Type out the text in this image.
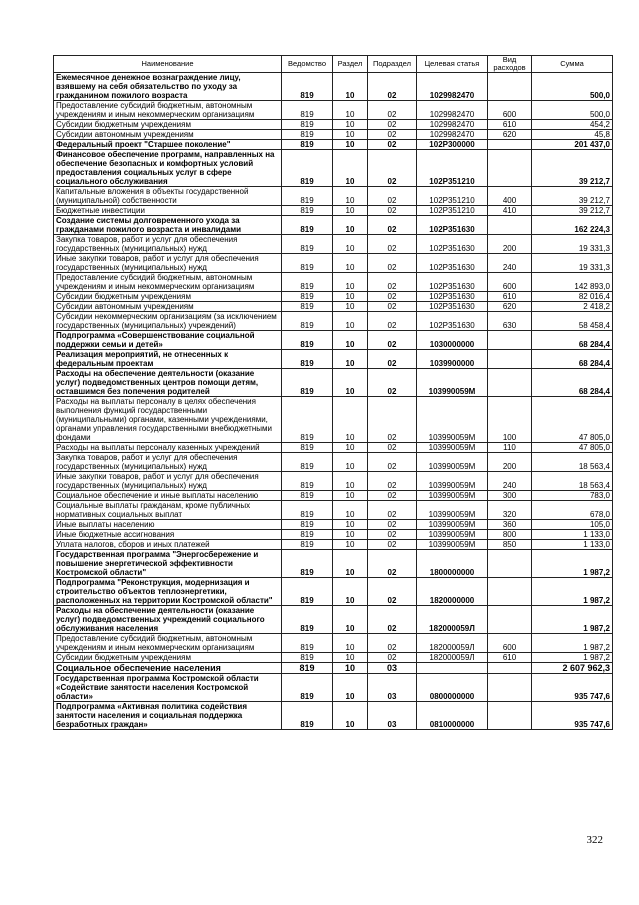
Наименование	Ведомство	Раздел	Подраздел	Целевая статья	Вид расходов	Сумма
Ежемесячное денежное вознаграждение лицу, взявшему на себя обязательство по уходу за гражданином пожилого возраста	819	10	02	1029982470		500,0
Предоставление субсидий бюджетным, автономным учреждениям и иным некоммерческим организациям	819	10	02	1029982470	600	500,0
Субсидии бюджетным учреждениям	819	10	02	1029982470	610	454,2
Субсидии автономным учреждениям	819	10	02	1029982470	620	45,8
Федеральный проект "Старшее поколение"	819	10	02	102P300000		201 437,0
Финансовое обеспечение программ, направленных на обеспечение безопасных и комфортных условий предоставления социальных услуг в сфере социального обслуживания	819	10	02	102P351210		39 212,7
Капитальные вложения в объекты государственной (муниципальной) собственности	819	10	02	102P351210	400	39 212,7
Бюджетные инвестиции	819	10	02	102P351210	410	39 212,7
Создание системы долговременного ухода за гражданами пожилого возраста и инвалидами	819	10	02	102P351630		162 224,3
Закупка товаров, работ и услуг для обеспечения государственных (муниципальных) нужд	819	10	02	102P351630	200	19 331,3
Иные закупки товаров, работ и услуг для обеспечения государственных (муниципальных) нужд	819	10	02	102P351630	240	19 331,3
Предоставление субсидий бюджетным, автономным учреждениям и иным некоммерческим организациям	819	10	02	102P351630	600	142 893,0
Субсидии бюджетным учреждениям	819	10	02	102P351630	610	82 016,4
Субсидии автономным учреждениям	819	10	02	102P351630	620	2 418,2
Субсидии некоммерческим организациям (за исключением государственных (муниципальных) учреждений)	819	10	02	102P351630	630	58 458,4
Подпрограмма «Совершенствование социальной поддержки семьи и детей»	819	10	02	1030000000		68 284,4
Реализация мероприятий, не отнесенных к федеральным проектам	819	10	02	1039900000		68 284,4
Расходы на обеспечение деятельности (оказание услуг) подведомственных центров помощи детям, оставшимся без попечения родителей	819	10	02	103990059М		68 284,4
Расходы на выплаты персоналу в целях обеспечения выполнения функций государственными (муниципальными) органами, казенными учреждениями, органами управления государственными внебюджетными фондами	819	10	02	103990059М	100	47 805,0
Расходы на выплаты персоналу казенных учреждений	819	10	02	103990059М	110	47 805,0
Закупка товаров, работ и услуг для обеспечения государственных (муниципальных) нужд	819	10	02	103990059М	200	18 563,4
Иные закупки товаров, работ и услуг для обеспечения государственных (муниципальных) нужд	819	10	02	103990059М	240	18 563,4
Социальное обеспечение и иные выплаты населению	819	10	02	103990059М	300	783,0
Социальные выплаты гражданам, кроме публичных нормативных социальных выплат	819	10	02	103990059М	320	678,0
Иные выплаты населению	819	10	02	103990059М	360	105,0
Иные бюджетные ассигнования	819	10	02	103990059М	800	1 133,0
Уплата налогов, сборов и иных платежей	819	10	02	103990059М	850	1 133,0
Государственная программа "Энергосбережение и повышение энергетической эффективности Костромской области"	819	10	02	1800000000		1 987,2
Подпрограмма "Реконструкция, модернизация и строительство объектов теплоэнергетики, расположенных на территории Костромской области"	819	10	02	1820000000		1 987,2
Расходы на обеспечение деятельности (оказание услуг) подведомственных учреждений социального обслуживания населения	819	10	02	182000059Л		1 987,2
Предоставление субсидий бюджетным, автономным учреждениям и иным некоммерческим организациям	819	10	02	182000059Л	600	1 987,2
Субсидии бюджетным учреждениям	819	10	02	182000059Л	610	1 987,2
Социальное обеспечение населения	819	10	03			2 607 962,3
Государственная программа Костромской области «Содействие занятости населения Костромской области»	819	10	03	0800000000		935 747,6
Подпрограмма «Активная политика содействия занятости населения и социальная поддержка безработных граждан»	819	10	03	0810000000		935 747,6
322
